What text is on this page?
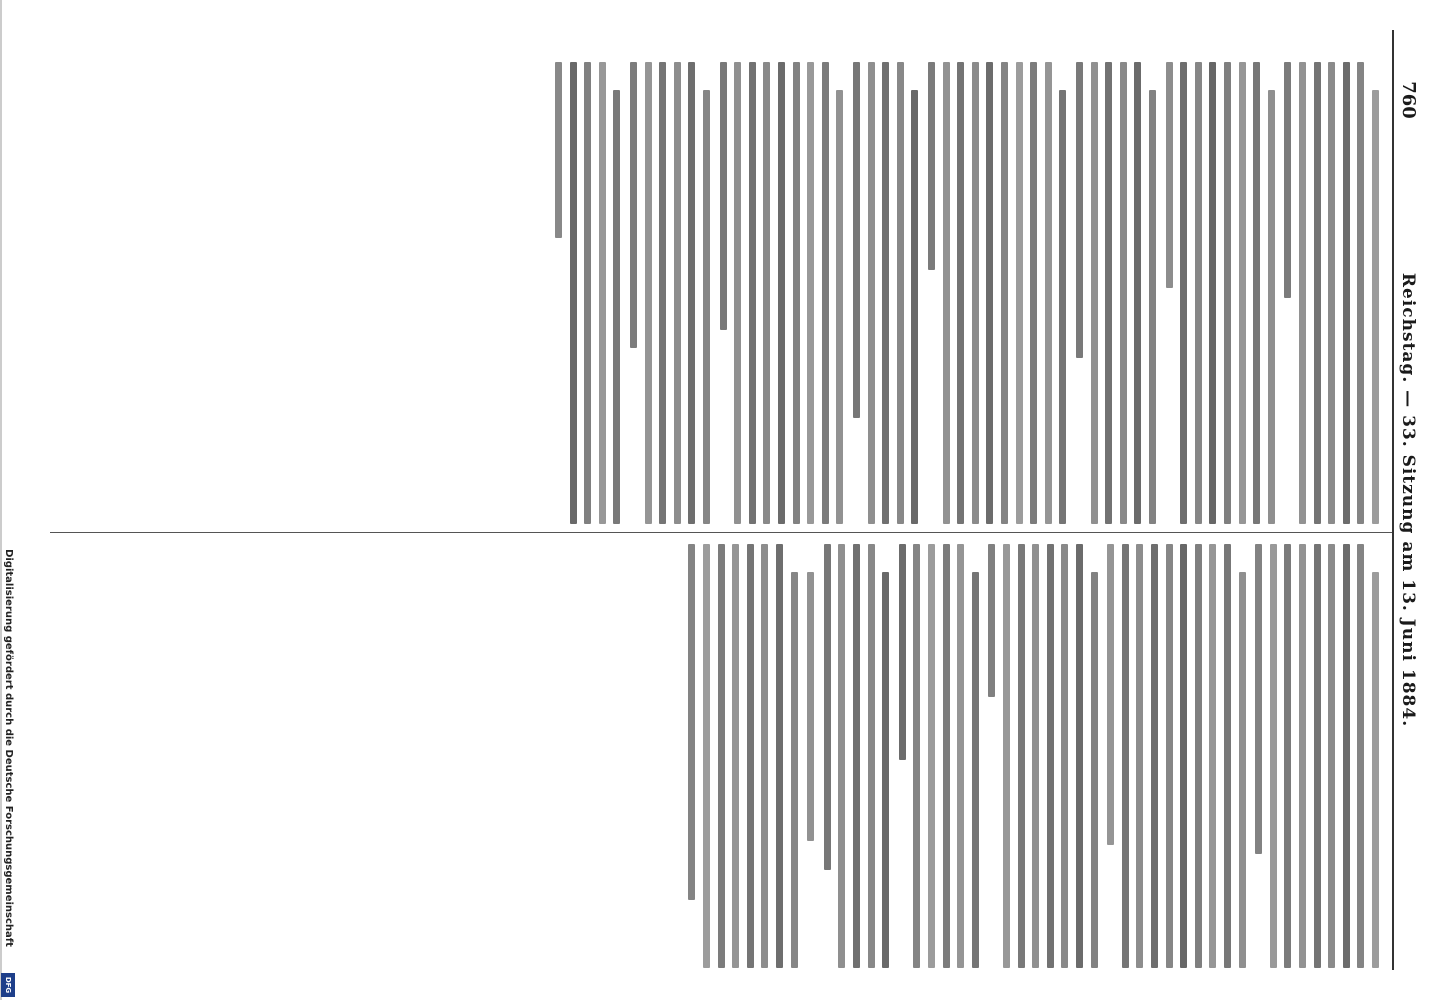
760
Reichstag. — 33. Sitzung am 13. Juni 1884.
Digitalisierung gefördert durch die Deutsche Forschungsgemeinschaft
DFG
